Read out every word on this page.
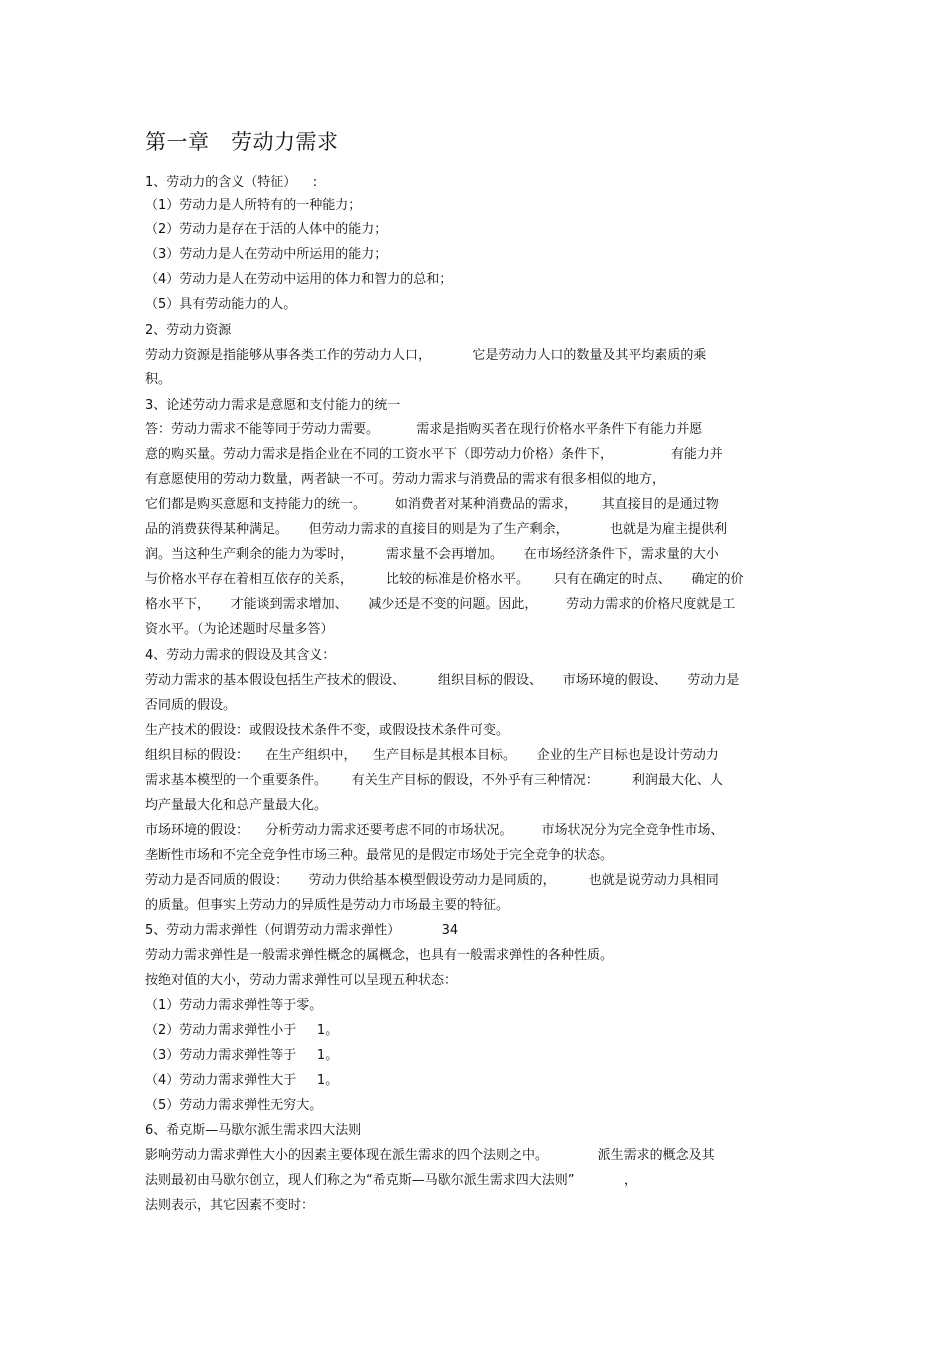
第一章   劳动力需求
1、劳动力的含义（特征）    :
（1）劳动力是人所特有的一种能力；
（2）劳动力是存在于活的人体中的能力；
（3）劳动力是人在劳动中所运用的能力；
（4）劳动力是人在劳动中运用的体力和智力的总和；
（5）具有劳动能力的人。
2、劳动力资源
劳动力资源是指能够从事各类工作的劳动力人口，          它是劳动力人口的数量及其平均素质的乘
积。
3、论述劳动力需求是意愿和支付能力的统一
答：劳动力需求不能等同于劳动力需要。         需求是指购买者在现行价格水平条件下有能力并愿
意的购买量。劳动力需求是指企业在不同的工资水平下（即劳动力价格）条件下，              有能力并
有意愿使用的劳动力数量，两者缺一不可。劳动力需求与消费品的需求有很多相似的地方，
它们都是购买意愿和支持能力的统一。       如消费者对某种消费品的需求，      其直接目的是通过物
品的消费获得某种满足。     但劳动力需求的直接目的则是为了生产剩余，          也就是为雇主提供利
润。当这种生产剩余的能力为零时，        需求量不会再增加。     在市场经济条件下，需求量的大小
与价格水平存在着相互依存的关系，        比较的标准是价格水平。      只有在确定的时点、     确定的价
格水平下，     才能谈到需求增加、     减少还是不变的问题。因此，       劳动力需求的价格尺度就是工
资水平。（为论述题时尽量多答）
4、劳动力需求的假设及其含义：
劳动力需求的基本假设包括生产技术的假设、        组织目标的假设、     市场环境的假设、     劳动力是
否同质的假设。
生产技术的假设：或假设技术条件不变，或假设技术条件可变。
组织目标的假设：    在生产组织中，    生产目标是其根本目标。     企业的生产目标也是设计劳动力
需求基本模型的一个重要条件。      有关生产目标的假设，不外乎有三种情况：        利润最大化、人
均产量最大化和总产量最大化。
市场环境的假设：    分析劳动力需求还要考虑不同的市场状况。       市场状况分为完全竞争性市场、
垄断性市场和不完全竞争性市场三种。最常见的是假定市场处于完全竞争的状态。
劳动力是否同质的假设：     劳动力供给基本模型假设劳动力是同质的，        也就是说劳动力具相同
的质量。但事实上劳动力的异质性是劳动力市场最主要的特征。
5、劳动力需求弹性（何谓劳动力需求弹性）          34
劳动力需求弹性是一般需求弹性概念的属概念，也具有一般需求弹性的各种性质。
按绝对值的大小，劳动力需求弹性可以呈现五种状态：
（1）劳动力需求弹性等于零。
（2）劳动力需求弹性小于     1。
（3）劳动力需求弹性等于     1。
（4）劳动力需求弹性大于     1。
（5）劳动力需求弹性无穷大。
6、希克斯—马歇尔派生需求四大法则
影响劳动力需求弹性大小的因素主要体现在派生需求的四个法则之中。            派生需求的概念及其
法则最初由马歇尔创立，现人们称之为“希克斯—马歇尔派生需求四大法则”            ，
法则表示，其它因素不变时：
